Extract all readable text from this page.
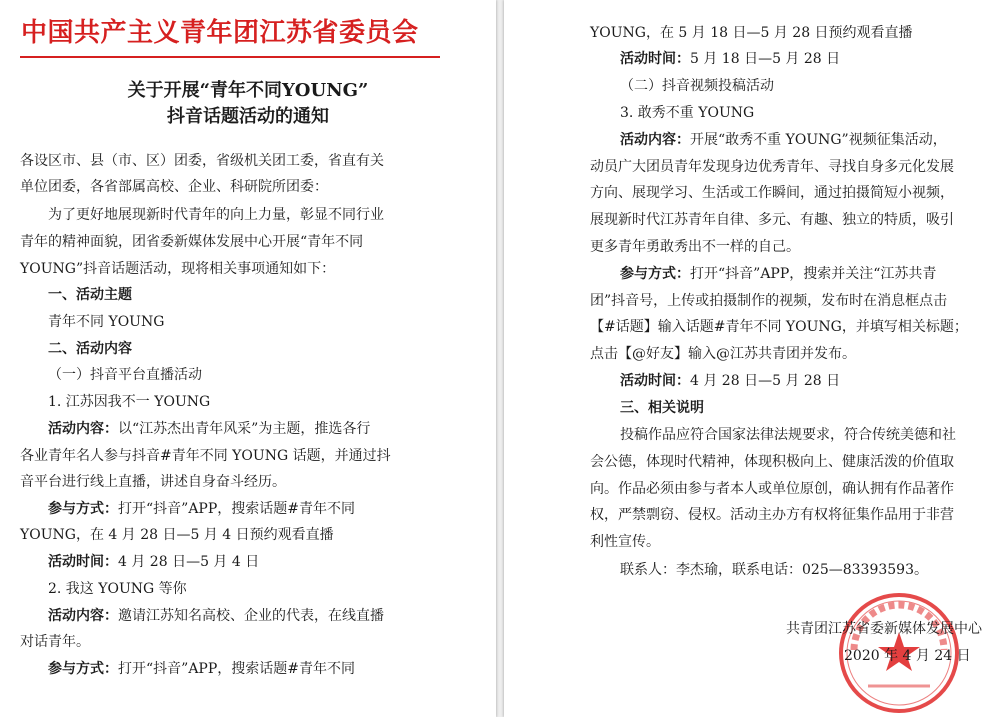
中国共产主义青年团江苏省委员会
关于开展“青年不同YOUNG”
抖音话题活动的通知
各设区市、县（市、区）团委，省级机关团工委，省直有关
单位团委，各省部属高校、企业、科研院所团委：
为了更好地展现新时代青年的向上力量，彰显不同行业
青年的精神面貌，团省委新媒体发展中心开展“青年不同
YOUNG”抖音话题活动，现将相关事项通知如下：
一、活动主题
青年不同 YOUNG
二、活动内容
（一）抖音平台直播活动
1. 江苏因我不一 YOUNG
活动内容：以“江苏杰出青年风采”为主题，推选各行
各业青年名人参与抖音#青年不同 YOUNG 话题，并通过抖
音平台进行线上直播，讲述自身奋斗经历。
参与方式：打开“抖音”APP，搜索话题#青年不同
YOUNG，在 4 月 28 日—5 月 4 日预约观看直播
活动时间：4 月 28 日—5 月 4 日
2. 我这 YOUNG 等你
活动内容：邀请江苏知名高校、企业的代表，在线直播
对话青年。
参与方式：打开“抖音”APP，搜索话题#青年不同
YOUNG，在 5 月 18 日—5 月 28 日预约观看直播
活动时间：5 月 18 日—5 月 28 日
（二）抖音视频投稿活动
3. 敢秀不重 YOUNG
活动内容：开展“敢秀不重 YOUNG”视频征集活动，
动员广大团员青年发现身边优秀青年、寻找自身多元化发展
方向、展现学习、生活或工作瞬间，通过拍摄简短小视频，
展现新时代江苏青年自律、多元、有趣、独立的特质，吸引
更多青年勇敢秀出不一样的自己。
参与方式：打开“抖音”APP，搜索并关注“江苏共青
团”抖音号，上传或拍摄制作的视频，发布时在消息框点击
【#话题】输入话题#青年不同 YOUNG，并填写相关标题；
点击【@好友】输入@江苏共青团并发布。
活动时间：4 月 28 日—5 月 28 日
三、相关说明
投稿作品应符合国家法律法规要求，符合传统美德和社
会公德，体现时代精神，体现积极向上、健康活泼的价值取
向。作品必须由参与者本人或单位原创，确认拥有作品著作
权，严禁剽窃、侵权。活动主办方有权将征集作品用于非营
利性宣传。
联系人：李杰瑜，联系电话：025—83393593。
共青团江苏省委新媒体发展中心
2020 年 4 月 24 日
